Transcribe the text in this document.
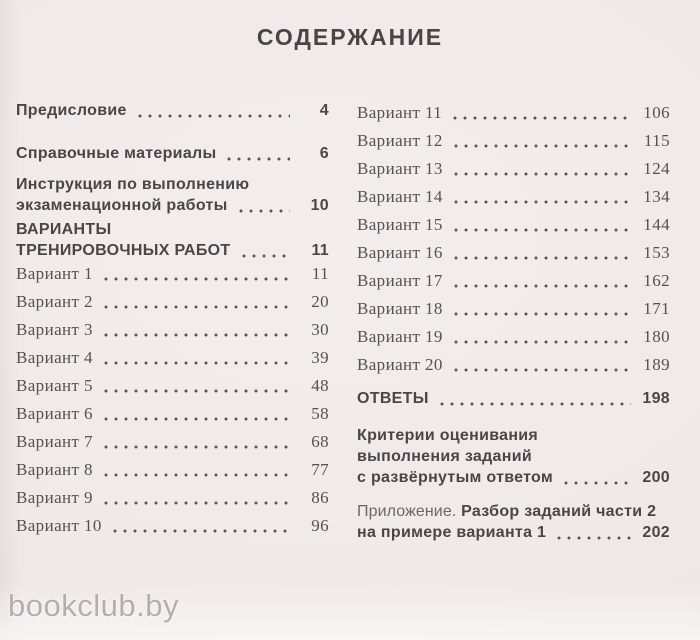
СОДЕРЖАНИЕ
Предисловие	4
Справочные материалы	6
Инструкция по выполнению
экзаменационной работы	10
ВАРИАНТЫ
ТРЕНИРОВОЧНЫХ РАБОТ	11
Вариант 1	11
Вариант 2	20
Вариант 3	30
Вариант 4	39
Вариант 5	48
Вариант 6	58
Вариант 7	68
Вариант 8	77
Вариант 9	86
Вариант 10	96
Вариант 11	106
Вариант 12	115
Вариант 13	124
Вариант 14	134
Вариант 15	144
Вариант 16	153
Вариант 17	162
Вариант 18	171
Вариант 19	180
Вариант 20	189
ОТВЕТЫ	198
Критерии оценивания
выполнения заданий
с развёрнутым ответом	200
Приложение. Разбор заданий части 2
на примере варианта 1	202
bookclub.by
